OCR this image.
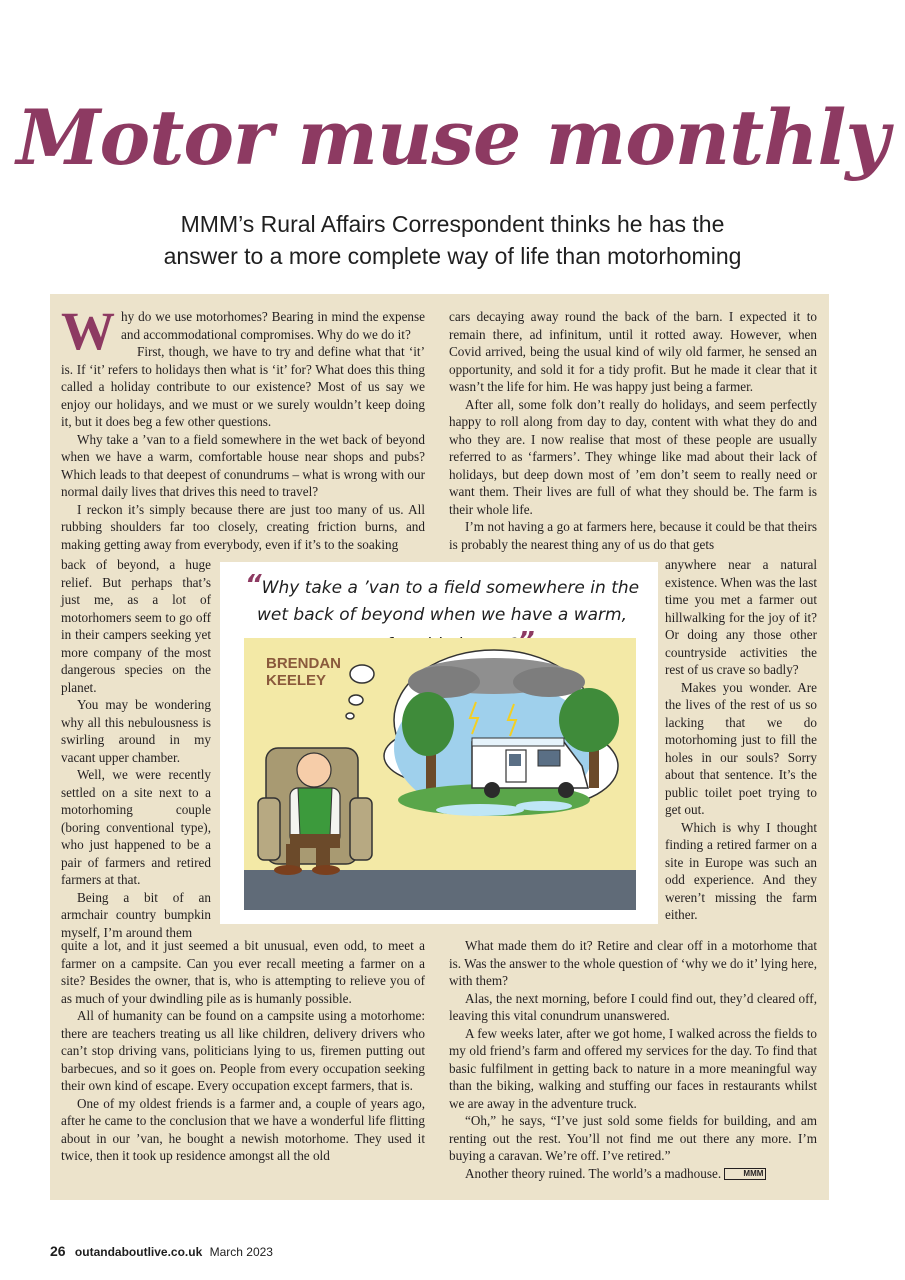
Motor muse monthly
MMM’s Rural Affairs Correspondent thinks he has the
answer to a more complete way of life than motorhoming

Why do we use motorhomes? Bearing in mind the expense and accommodational compromises. Why do we do it?

First, though, we have to try and define what that ‘it’ is. If ‘it’ refers to holidays then what is ‘it’ for? What does this thing called a holiday contribute to our existence? Most of us say we enjoy our holidays, and we must or we surely wouldn’t keep doing it, but it does beg a few other questions.

Why take a ’van to a field somewhere in the wet back of beyond when we have a warm, comfortable house near shops and pubs? Which leads to that deepest of conundrums – what is wrong with our normal daily lives that drives this need to travel?

I reckon it’s simply because there are just too many of us. All rubbing shoulders far too closely, creating friction burns, and making getting away from everybody, even if it’s to the soaking

cars decaying away round the back of the barn. I expected it to remain there, ad infinitum, until it rotted away. However, when Covid arrived, being the usual kind of wily old farmer, he sensed an opportunity, and sold it for a tidy profit. But he made it clear that it wasn’t the life for him. He was happy just being a farmer.

After all, some folk don’t really do holidays, and seem perfectly happy to roll along from day to day, content with what they do and who they are. I now realise that most of these people are usually referred to as ‘farmers’. They whinge like mad about their lack of holidays, but deep down most of ’em don’t seem to really need or want them. Their lives are full of what they should be. The farm is their whole life.

I’m not having a go at farmers here, because it could be that theirs is probably the nearest thing any of us do that gets

back of beyond, a huge relief. But perhaps that’s just me, as a lot of motorhomers seem to go off in their campers seeking yet more company of the most dangerous species on the planet.

You may be wondering why all this nebulousness is swirling around in my vacant upper chamber.

Well, we were recently settled on a site next to a motorhoming couple (boring conventional type), who just happened to be a pair of farmers and retired farmers at that.

Being a bit of an armchair country bumpkin myself, I’m around them

anywhere near a natural existence. When was the last time you met a farmer out hillwalking for the joy of it? Or doing any those other countryside activities the rest of us crave so badly?

Makes you wonder. Are the lives of the rest of us so lacking that we do motorhoming just to fill the holes in our souls? Sorry about that sentence. It’s the public toilet poet trying to get out.

Which is why I thought finding a retired farmer on a site in Europe was such an odd experience. And they weren’t missing the farm either.

“Why take a ’van to a field somewhere in the wet back of beyond when we have a warm,
BRENDAN
KEELEY

quite a lot, and it just seemed a bit unusual, even odd, to meet a farmer on a campsite. Can you ever recall meeting a farmer on a site? Besides the owner, that is, who is attempting to relieve you of as much of your dwindling pile as is humanly possible.

All of humanity can be found on a campsite using a motorhome: there are teachers treating us all like children, delivery drivers who can’t stop driving vans, politicians lying to us, firemen putting out barbecues, and so it goes on. People from every occupation seeking their own kind of escape. Every occupation except farmers, that is.

One of my oldest friends is a farmer and, a couple of years ago, after he came to the conclusion that we have a wonderful life flitting about in our ’van, he bought a newish motorhome. They used it twice, then it took up residence amongst all the old

What made them do it? Retire and clear off in a motorhome that is. Was the answer to the whole question of ‘why we do it’ lying here, with them?

Alas, the next morning, before I could find out, they’d cleared off, leaving this vital conundrum unanswered.

A few weeks later, after we got home, I walked across the fields to my old friend’s farm and offered my services for the day. To find that basic fulfilment in getting back to nature in a more meaningful way than the biking, walking and stuffing our faces in restaurants whilst we are away in the adventure truck.

“Oh,” he says, “I’ve just sold some fields for building, and am renting out the rest. You’ll not find me out there any more. I’m buying a caravan. We’re off. I’ve retired.”

Another theory ruined. The world’s a madhouse.	MMM

26 outandaboutlive.co.uk March 2023
